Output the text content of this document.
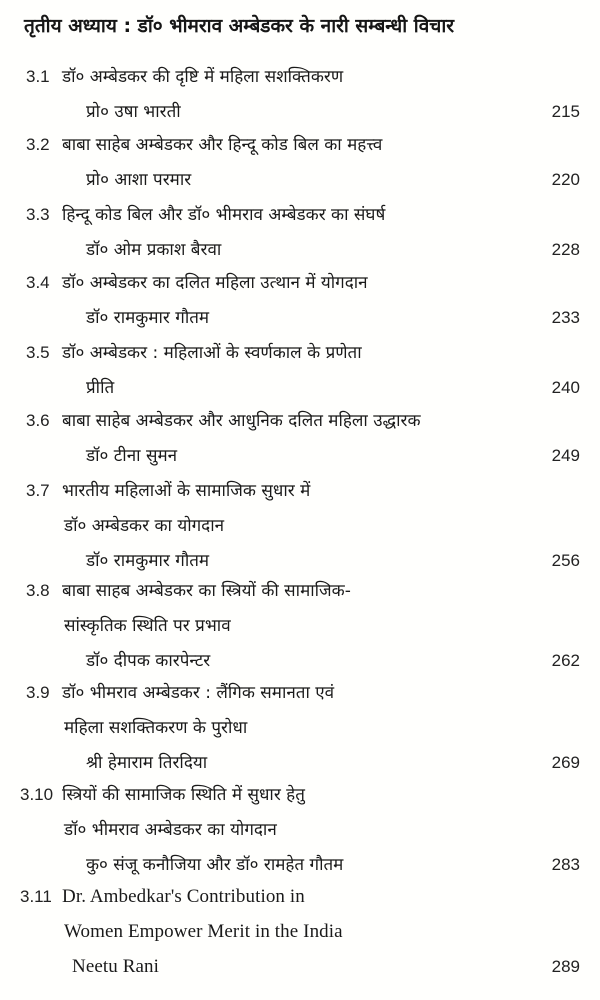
तृतीय अध्याय : डॉ० भीमराव अम्बेडकर के नारी सम्बन्धी विचार
3.1 डॉ० अम्बेडकर की दृष्टि में महिला सशक्तिकरण
प्रो० उषा भारती	215
3.2 बाबा साहेब अम्बेडकर और हिन्दू कोड बिल का महत्त्व
प्रो० आशा परमार	220
3.3 हिन्दू कोड बिल और डॉ० भीमराव अम्बेडकर का संघर्ष
डॉ० ओम प्रकाश बैरवा	228
3.4 डॉ० अम्बेडकर का दलित महिला उत्थान में योगदान
डॉ० रामकुमार गौतम	233
3.5 डॉ० अम्बेडकर : महिलाओं के स्वर्णकाल के प्रणेता
प्रीति	240
3.6 बाबा साहेब अम्बेडकर और आधुनिक दलित महिला उद्धारक
डॉ० टीना सुमन	249
3.7 भारतीय महिलाओं के सामाजिक सुधार में
डॉ० अम्बेडकर का योगदान
डॉ० रामकुमार गौतम	256
3.8 बाबा साहब अम्बेडकर का स्त्रियों की सामाजिक-
सांस्कृतिक स्थिति पर प्रभाव
डॉ० दीपक कारपेन्टर	262
3.9 डॉ० भीमराव अम्बेडकर : लैंगिक समानता एवं
महिला सशक्तिकरण के पुरोधा
श्री हेमाराम तिरदिया	269
3.10 स्त्रियों की सामाजिक स्थिति में सुधार हेतु
डॉ० भीमराव अम्बेडकर का योगदान
कु० संजू कनौजिया और डॉ० रामहेत गौतम	283
3.11 Dr. Ambedkar's Contribution in
Women Empower Merit in the India
Neetu Rani	289
